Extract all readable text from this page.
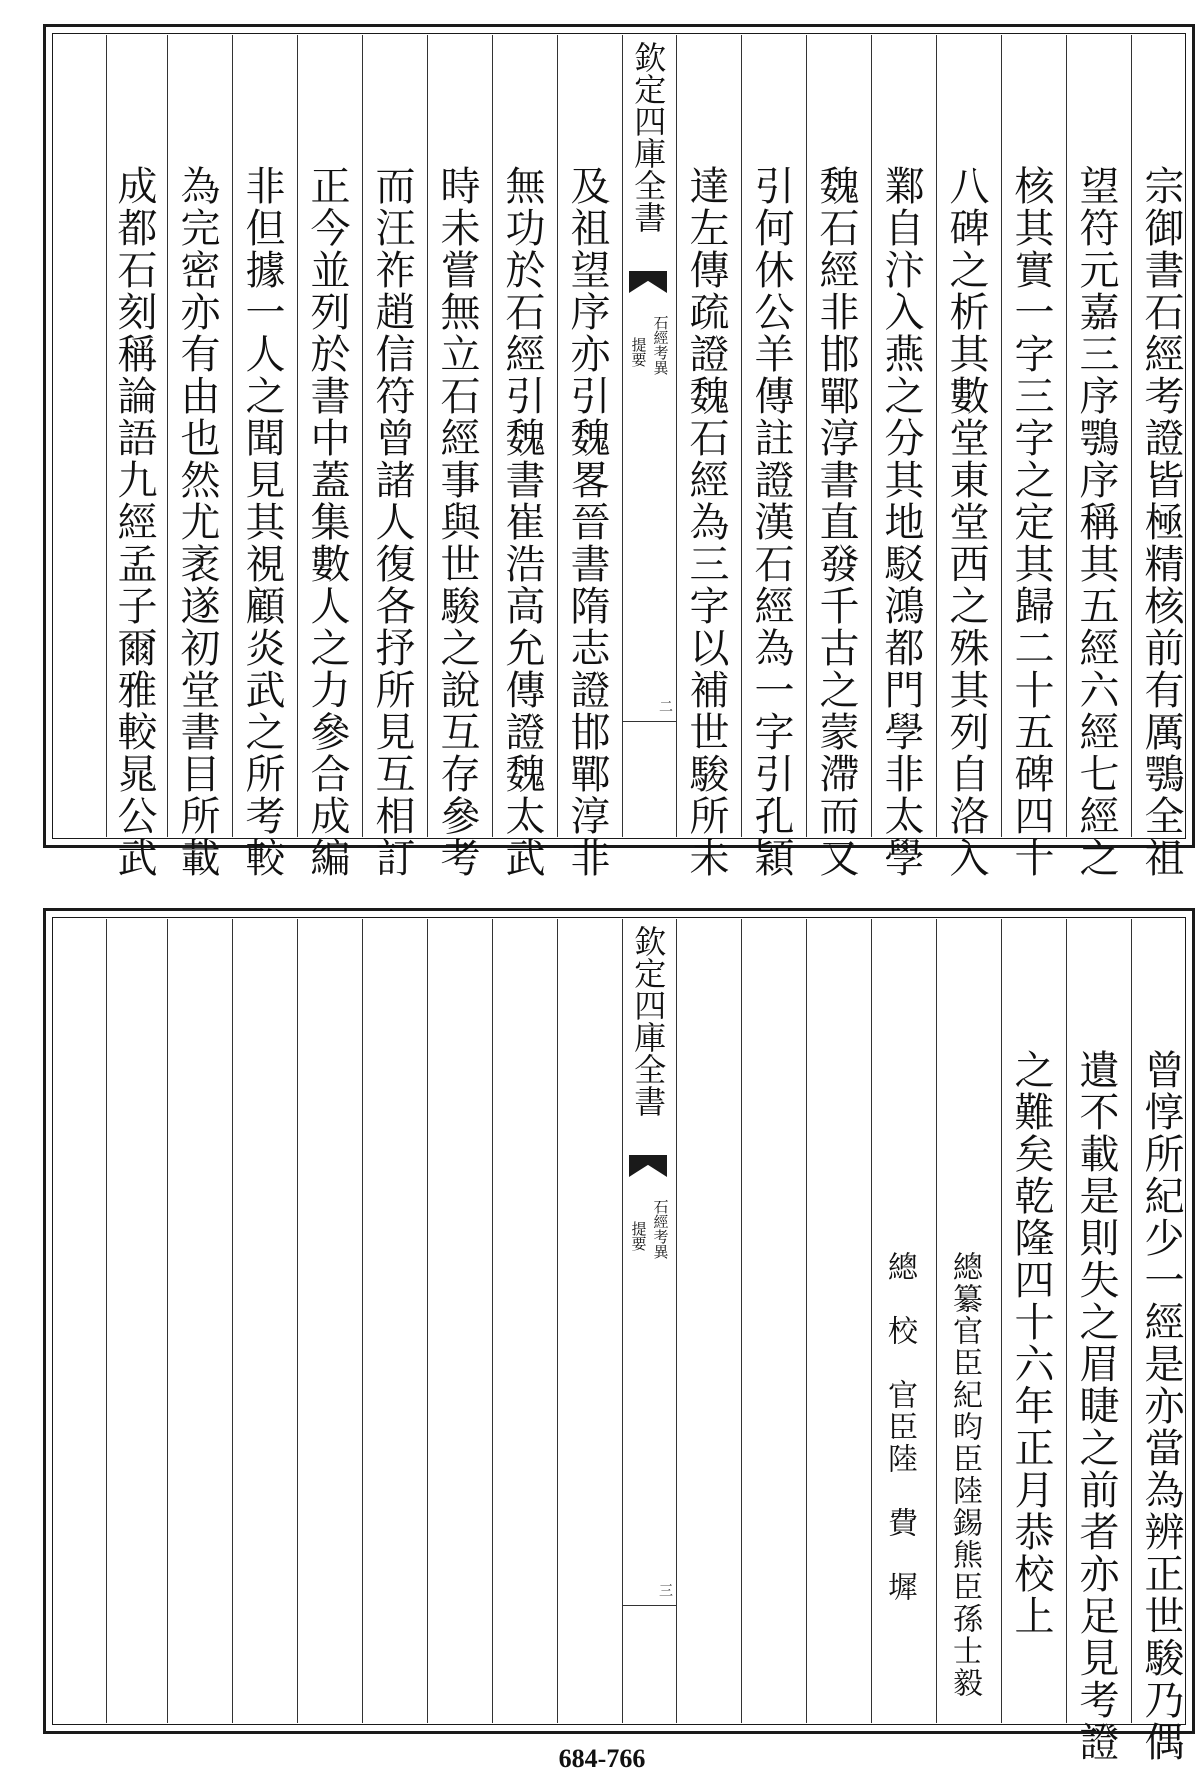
欽定四庫全書
石經考異
提要
二	宗御書石經考證皆極精核前有厲鶚全祖
望符元嘉三序鶚序稱其五經六經七經之
核其實一字三字之定其歸二十五碑四十
八碑之析其數堂東堂西之殊其列自洛入
鄴自汴入燕之分其地駁鴻都門學非太學
魏石經非邯鄲淳書直發千古之蒙滯而又
引何休公羊傳註證漢石經為一字引孔穎
達左傳疏證魏石經為三字以補世駿所未
及祖望序亦引魏畧晉書隋志證邯鄲淳非
無功於石經引魏書崔浩高允傳證魏太武
時未嘗無立石經事與世駿之說互存參考
而汪祚趙信符曾諸人復各抒所見互相訂
正今並列於書中蓋集數人之力參合成編
非但據一人之聞見其視顧炎武之所考較
為完密亦有由也然尤袤遂初堂書目所載
成都石刻稱論語九經孟子爾雅較晁公武
欽定四庫全書
石經考異
提要
三	曾惇所紀少一經是亦當為辨正世駿乃偶
遺不載是則失之眉睫之前者亦足見考證
之難矣乾隆四十六年正月恭校上
總纂官臣紀昀臣陸錫熊臣孫士毅
總　校　官臣陸　費　墀
684-766
